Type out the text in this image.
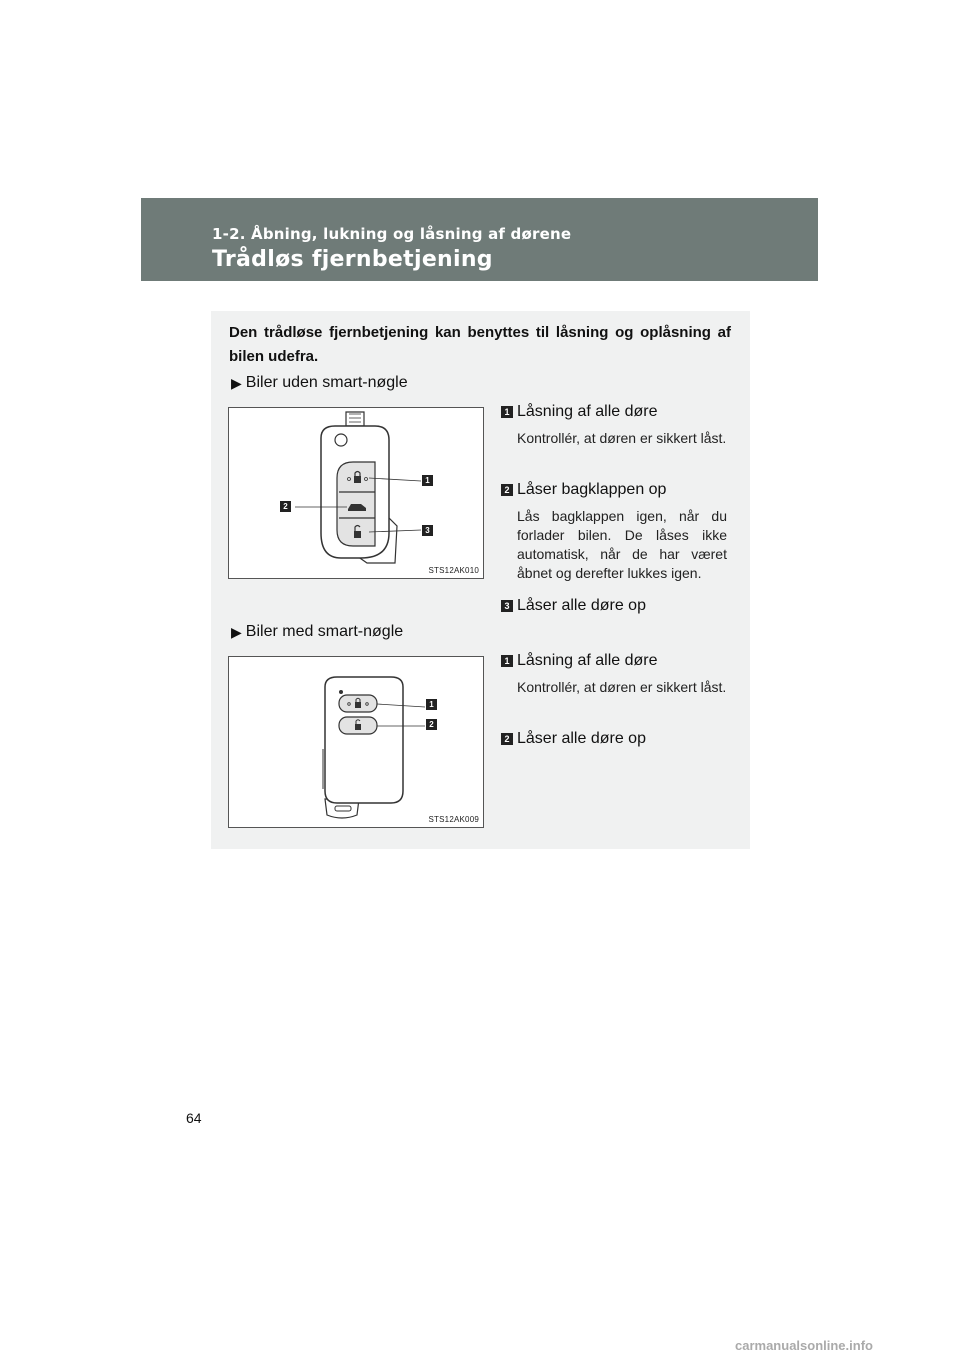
1-2. Åbning, lukning og låsning af dørene
Trådløs fjernbetjening

Den trådløse fjernbetjening kan benyttes til låsning og oplåsning af bilen udefra.

▶ Biler uden smart-nøgle
1
2
3
STS12AK010
1 Låsning af alle døre

Kontrollér, at døren er sikkert låst.

2 Låser bagklappen op

Lås bagklappen igen, når du forlader bilen. De låses ikke automatisk, når de har været åbnet og derefter lukkes igen.

3 Låser alle døre op
▶ Biler med smart-nøgle
1
2
STS12AK009
1 Låsning af alle døre

Kontrollér, at døren er sikkert låst.

2 Låser alle døre op
64
carmanualsonline.info
